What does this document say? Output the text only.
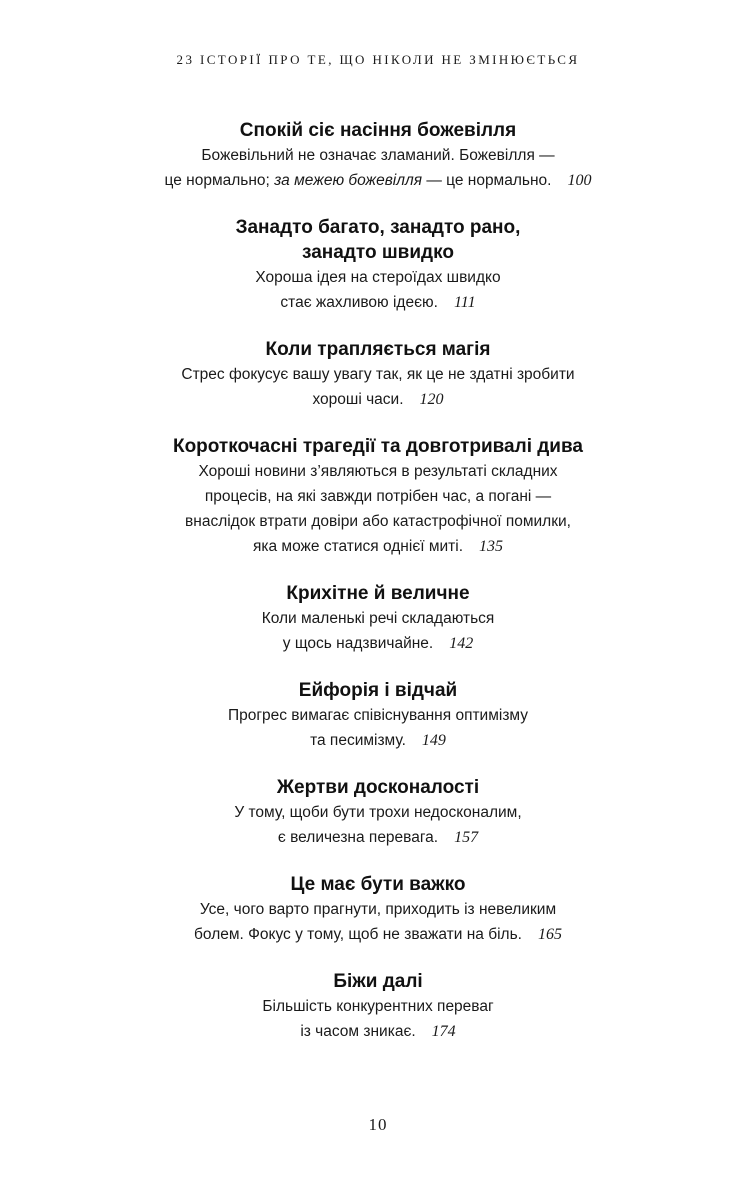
23 ІСТОРІЇ ПРО ТЕ, ЩО НІКОЛИ НЕ ЗМІНЮЄТЬСЯ
Спокій сіє насіння божевілля
Божевільний не означає зламаний. Божевілля —
це нормально; за межею божевілля — це нормально. 100
Занадто багато, занадто рано,
занадто швидко
Хороша ідея на стероїдах швидко
стає жахливою ідеєю. 111
Коли трапляється магія
Стрес фокусує вашу увагу так, як це не здатні зробити
хороші часи. 120
Короткочасні трагедії та довготривалі дива
Хороші новини з’являються в результаті складних
процесів, на які завжди потрібен час, а погані —
внаслідок втрати довіри або катастрофічної помилки,
яка може статися однієї миті. 135
Крихітне й величне
Коли маленькі речі складаються
у щось надзвичайне. 142
Ейфорія і відчай
Прогрес вимагає співіснування оптимізму
та песимізму. 149
Жертви досконалості
У тому, щоби бути трохи недосконалим,
є величезна перевага. 157
Це має бути важко
Усе, чого варто прагнути, приходить із невеликим
болем. Фокус у тому, щоб не зважати на біль. 165
Біжи далі
Більшість конкурентних переваг
із часом зникає. 174
10
